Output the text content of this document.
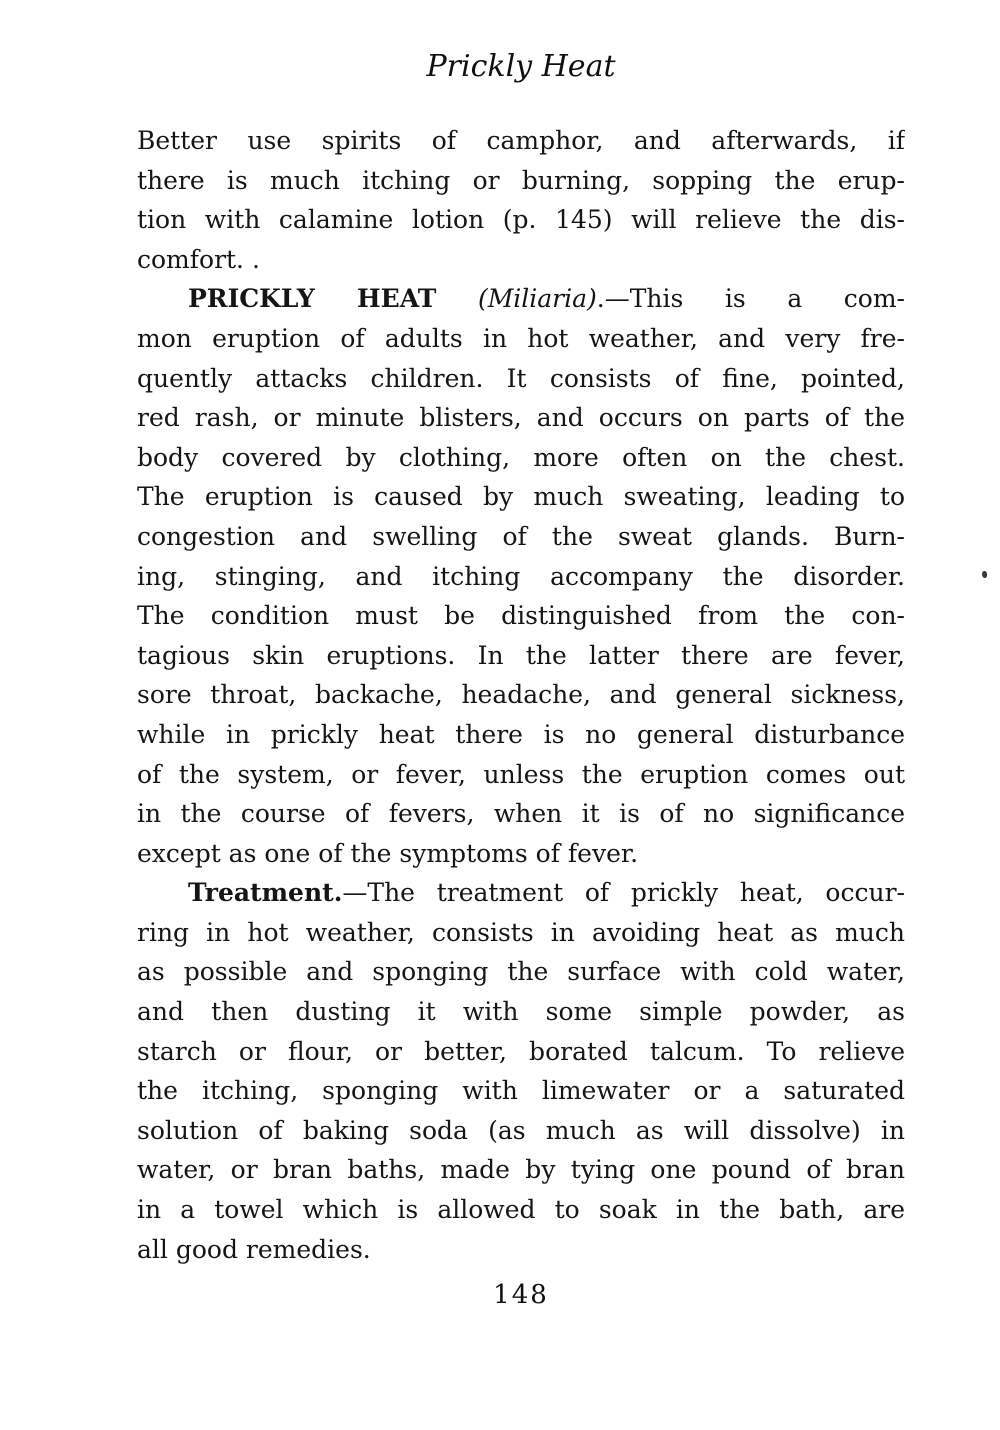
Prickly Heat
Better use spirits of camphor, and afterwards, if
there is much itching or burning, sopping the erup-
tion with calamine lotion (p. 145) will relieve the dis-
comfort. .
PRICKLY HEAT (Miliaria).—This is a com-
mon eruption of adults in hot weather, and very fre-
quently attacks children. It consists of fine, pointed,
red rash, or minute blisters, and occurs on parts of the
body covered by clothing, more often on the chest.
The eruption is caused by much sweating, leading to
congestion and swelling of the sweat glands. Burn-
ing, stinging, and itching accompany the disorder.
The condition must be distinguished from the con-
tagious skin eruptions. In the latter there are fever,
sore throat, backache, headache, and general sickness,
while in prickly heat there is no general disturbance
of the system, or fever, unless the eruption comes out
in the course of fevers, when it is of no significance
except as one of the symptoms of fever.
Treatment.—The treatment of prickly heat, occur-
ring in hot weather, consists in avoiding heat as much
as possible and sponging the surface with cold water,
and then dusting it with some simple powder, as
starch or flour, or better, borated talcum. To relieve
the itching, sponging with limewater or a saturated
solution of baking soda (as much as will dissolve) in
water, or bran baths, made by tying one pound of bran
in a towel which is allowed to soak in the bath, are
all good remedies.
148
